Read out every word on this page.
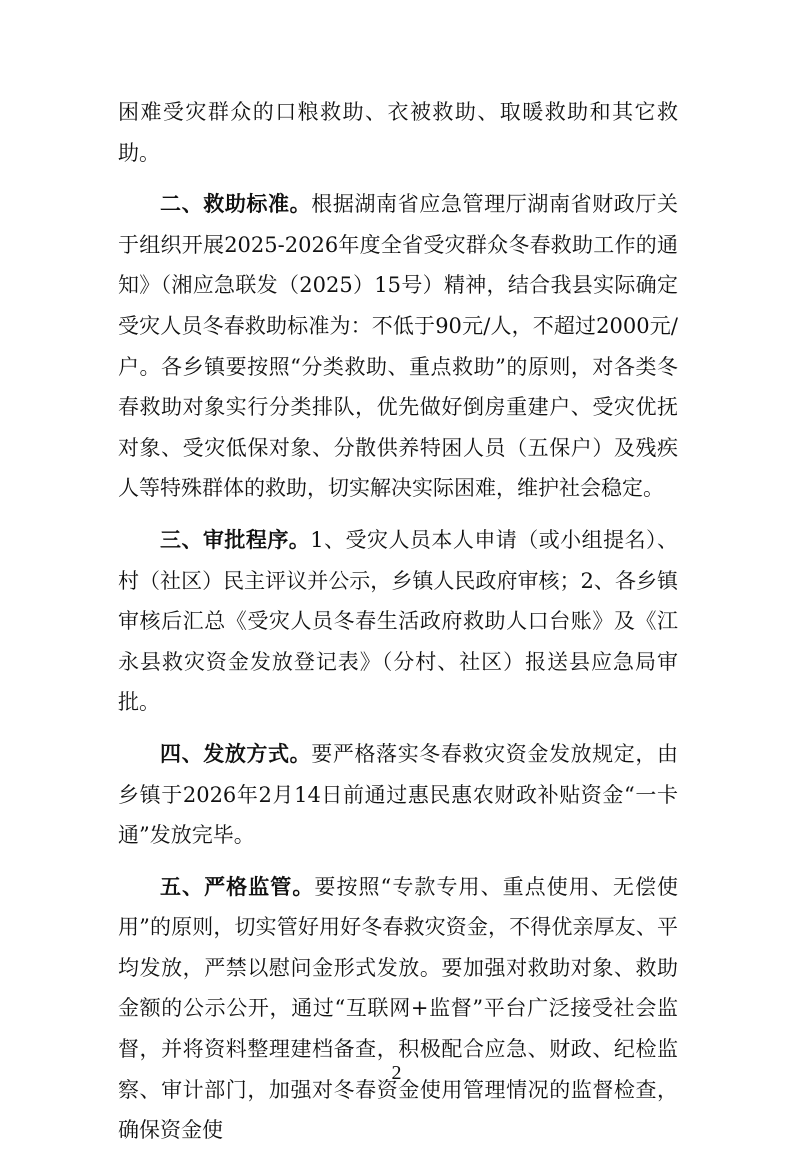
困难受灾群众的口粮救助、衣被救助、取暖救助和其它救助。

二、救助标准。根据湖南省应急管理厅湖南省财政厅关于组织开展2025-2026年度全省受灾群众冬春救助工作的通知》（湘应急联发（2025）15号）精神，结合我县实际确定受灾人员冬春救助标准为：不低于90元/人，不超过2000元/户。各乡镇要按照“分类救助、重点救助”的原则，对各类冬春救助对象实行分类排队，优先做好倒房重建户、受灾优抚对象、受灾低保对象、分散供养特困人员（五保户）及残疾人等特殊群体的救助，切实解决实际困难，维护社会稳定。

三、审批程序。1、受灾人员本人申请（或小组提名）、村（社区）民主评议并公示，乡镇人民政府审核；2、各乡镇审核后汇总《受灾人员冬春生活政府救助人口台账》及《江永县救灾资金发放登记表》（分村、社区）报送县应急局审批。

四、发放方式。要严格落实冬春救灾资金发放规定，由乡镇于2026年2月14日前通过惠民惠农财政补贴资金“一卡通”发放完毕。

五、严格监管。要按照“专款专用、重点使用、无偿使用”的原则，切实管好用好冬春救灾资金，不得优亲厚友、平均发放，严禁以慰问金形式发放。要加强对救助对象、救助金额的公示公开，通过“互联网+监督”平台广泛接受社会监督，并将资料整理建档备查，积极配合应急、财政、纪检监察、审计部门，加强对冬春资金使用管理情况的监督检查，确保资金使

2
